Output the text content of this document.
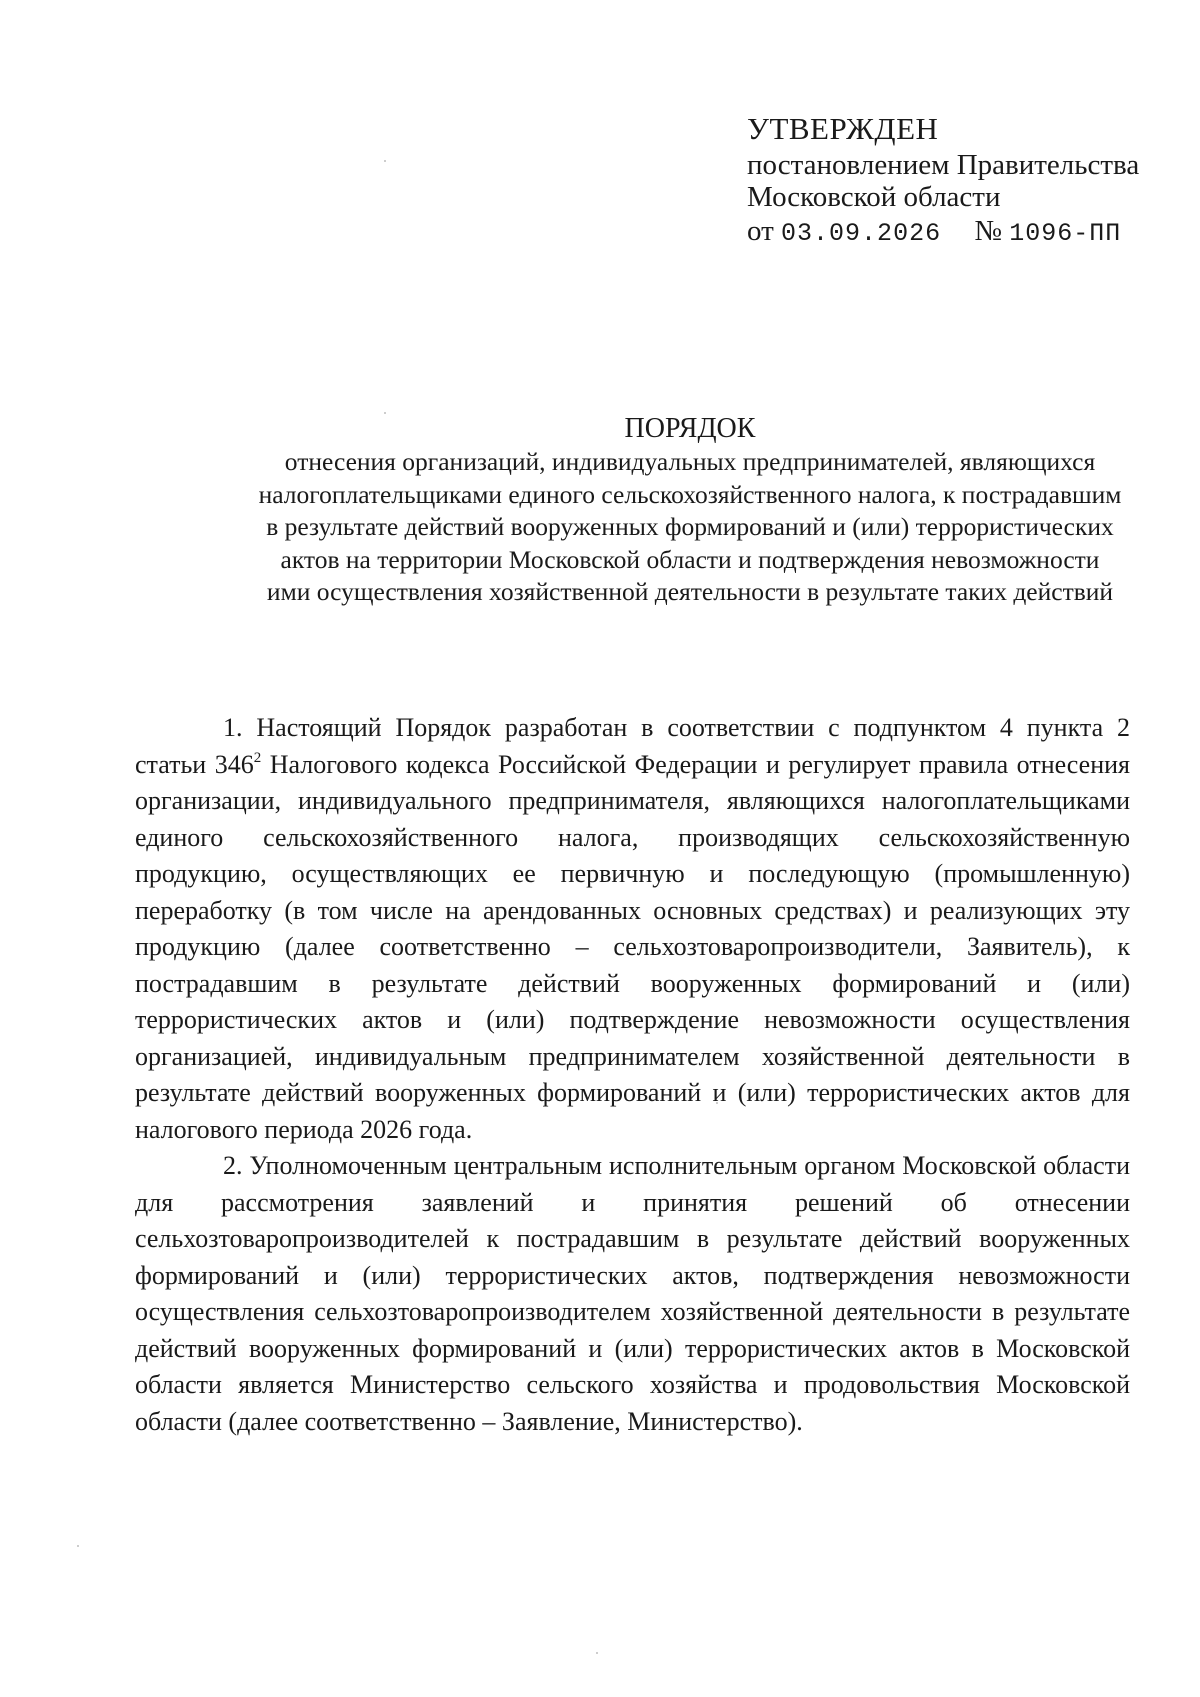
УТВЕРЖДЕН
постановлением Правительства
Московской области
от 03.09.2026 № 1096-ПП
ПОРЯДОК
отнесения организаций, индивидуальных предпринимателей, являющихся
налогоплательщиками единого сельскохозяйственного налога, к пострадавшим
в результате действий вооруженных формирований и (или) террористических
актов на территории Московской области и подтверждения невозможности
ими осуществления хозяйственной деятельности в результате таких действий

1. Настоящий Порядок разработан в соответствии с подпунктом 4 пункта 2 статьи $346^2$ Налогового кодекса Российской Федерации и регулирует правила отнесения организации, индивидуального предпринимателя, являющихся налогоплательщиками единого сельскохозяйственного налога, производящих сельскохозяйственную продукцию, осуществляющих ее первичную и последующую (промышленную) переработку (в том числе на арендованных основных средствах) и реализующих эту продукцию (далее соответственно – сельхозтоваропроизводители, Заявитель), к пострадавшим в результате действий вооруженных формирований и (или) террористических актов и (или) подтверждение невозможности осуществления организацией, индивидуальным предпринимателем хозяйственной деятельности в результате действий вооруженных формирований и (или) террористических актов для налогового периода 2026 года.

2. Уполномоченным центральным исполнительным органом Московской области для рассмотрения заявлений и принятия решений об отнесении сельхозтоваропроизводителей к пострадавшим в результате действий вооруженных формирований и (или) террористических актов, подтверждения невозможности осуществления сельхозтоваропроизводителем хозяйственной деятельности в результате действий вооруженных формирований и (или) террористических актов в Московской области является Министерство сельского хозяйства и продовольствия Московской области (далее соответственно – Заявление, Министерство).
